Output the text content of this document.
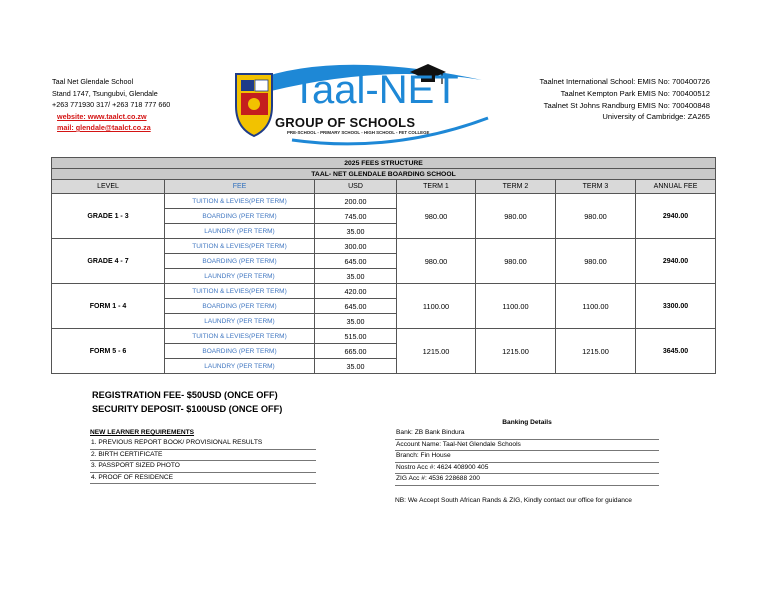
Taal Net Glendale School
Stand 1747, Tsungubvi, Glendale
+263 771930 317/ +263 718 777 660
website: www.taalct.co.zw
mail: glendale@taalct.co.za
Taal-NET
GROUP OF SCHOOLS
PRE-SCHOOL - PRIMARY SCHOOL - HIGH SCHOOL - FET COLLEGE
Taalnet International School: EMIS No: 700400726
Taalnet Kempton Park EMIS No: 700400512
Taalnet St Johns Randburg EMIS No: 700400848
University of Cambridge: ZA265
2025 FEES STRUCTURE						
TAAL- NET GLENDALE BOARDING SCHOOL						
LEVEL	FEE	USD	TERM 1	TERM 2	TERM 3	ANNUAL FEE
GRADE 1 - 3	TUITION & LEVIES(PER TERM)	200.00	980.00	980.00	980.00	2940.00
	BOARDING (PER TERM)	745.00				
	LAUNDRY (PER TERM)	35.00				
GRADE 4 - 7	TUITION & LEVIES(PER TERM)	300.00	980.00	980.00	980.00	2940.00
	BOARDING (PER TERM)	645.00				
	LAUNDRY (PER TERM)	35.00				
FORM 1 - 4	TUITION & LEVIES(PER TERM)	420.00	1100.00	1100.00	1100.00	3300.00
	BOARDING (PER TERM)	645.00				
	LAUNDRY (PER TERM)	35.00				
FORM 5 - 6	TUITION & LEVIES(PER TERM)	515.00	1215.00	1215.00	1215.00	3645.00
	BOARDING (PER TERM)	665.00				
	LAUNDRY (PER TERM)	35.00				
REGISTRATION FEE- $50USD (ONCE OFF)
SECURITY DEPOSIT- $100USD (ONCE OFF)
NEW LEARNER REQUIREMENTS
1. PREVIOUS REPORT BOOK/ PROVISIONAL RESULTS
2. BIRTH CERTIFICATE
3. PASSPORT SIZED PHOTO
4. PROOF OF RESIDENCE
Banking Details
Bank: ZB Bank Bindura
Account Name: Taal-Net Glendale Schools
Branch: Fin House
Nostro Acc #: 4624 408900 405
ZIG Acc #: 4536 228688 200
NB: We Accept South African Rands & ZIG, Kindly contact our office for guidance
